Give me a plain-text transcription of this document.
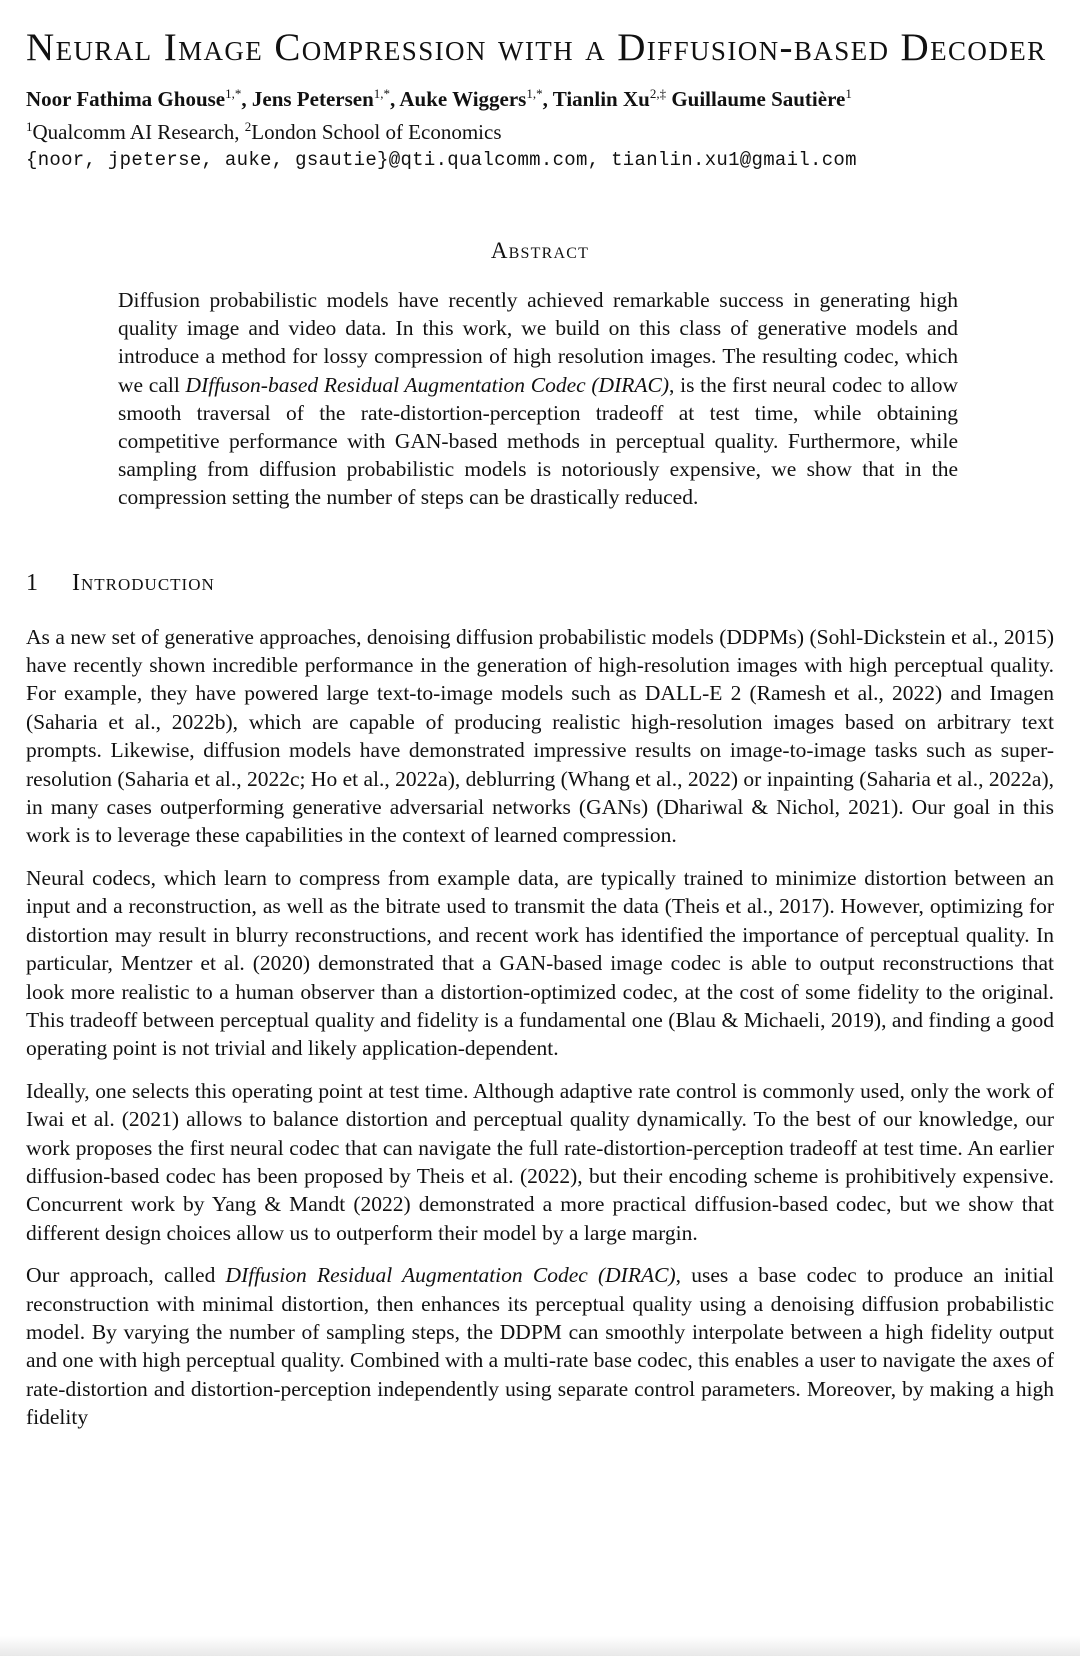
Neural Image Compression with a Diffusion-based Decoder
Noor Fathima Ghouse$^{1,*}$, Jens Petersen$^{1,*}$, Auke Wiggers$^{1,*}$, Tianlin $Xu^{2,\ddagger}$ Guillaume Sautière$^1$
$^1$Qualcomm AI Research, $^2$London School of Economics
{noor, jpeterse, auke, gsautie}@qti.qualcomm.com, tianlin.xu1@gmail.com
Abstract
Diffusion probabilistic models have recently achieved remarkable success in generating high quality image and video data. In this work, we build on this class of generative models and introduce a method for lossy compression of high resolution images. The resulting codec, which we call DIffuson-based Residual Augmentation Codec (DIRAC), is the first neural codec to allow smooth traversal of the rate-distortion-perception tradeoff at test time, while obtaining competitive performance with GAN-based methods in perceptual quality. Furthermore, while sampling from diffusion probabilistic models is notoriously expensive, we show that in the compression setting the number of steps can be drastically reduced.
1 Introduction

As a new set of generative approaches, denoising diffusion probabilistic models (DDPMs) (Sohl-Dickstein et al., 2015) have recently shown incredible performance in the generation of high-resolution images with high perceptual quality. For example, they have powered large text-to-image models such as DALL-E 2 (Ramesh et al., 2022) and Imagen (Saharia et al., 2022b), which are capable of producing realistic high-resolution images based on arbitrary text prompts. Likewise, diffusion models have demonstrated impressive results on image-to-image tasks such as super-resolution (Saharia et al., 2022c; Ho et al., 2022a), deblurring (Whang et al., 2022) or inpainting (Saharia et al., 2022a), in many cases outperforming generative adversarial networks (GANs) (Dhariwal & Nichol, 2021). Our goal in this work is to leverage these capabilities in the context of learned compression.

Neural codecs, which learn to compress from example data, are typically trained to minimize distortion between an input and a reconstruction, as well as the bitrate used to transmit the data (Theis et al., 2017). However, optimizing for distortion may result in blurry reconstructions, and recent work has identified the importance of perceptual quality. In particular, Mentzer et al. (2020) demonstrated that a GAN-based image codec is able to output reconstructions that look more realistic to a human observer than a distortion-optimized codec, at the cost of some fidelity to the original. This tradeoff between perceptual quality and fidelity is a fundamental one (Blau & Michaeli, 2019), and finding a good operating point is not trivial and likely application-dependent.

Ideally, one selects this operating point at test time. Although adaptive rate control is commonly used, only the work of Iwai et al. (2021) allows to balance distortion and perceptual quality dynamically. To the best of our knowledge, our work proposes the first neural codec that can navigate the full rate-distortion-perception tradeoff at test time. An earlier diffusion-based codec has been proposed by Theis et al. (2022), but their encoding scheme is prohibitively expensive. Concurrent work by Yang & Mandt (2022) demonstrated a more practical diffusion-based codec, but we show that different design choices allow us to outperform their model by a large margin.

Our approach, called DIffusion Residual Augmentation Codec (DIRAC), uses a base codec to produce an initial reconstruction with minimal distortion, then enhances its perceptual quality using a denoising diffusion probabilistic model. By varying the number of sampling steps, the DDPM can smoothly interpolate between a high fidelity output and one with high perceptual quality. Combined with a multi-rate base codec, this enables a user to navigate the axes of rate-distortion and distortion-perception independently using separate control parameters. Moreover, by making a high fidelity
